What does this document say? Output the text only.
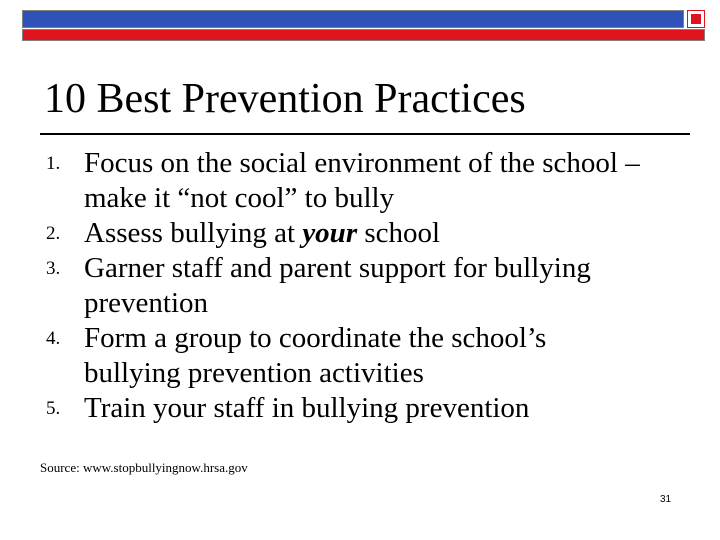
10 Best Prevention Practices
1. Focus on the social environment of the school – make it “not cool” to bully
2. Assess bullying at your school
3. Garner staff and parent support for bullying prevention
4. Form a group to coordinate the school’s bullying prevention activities
5. Train your staff in bullying prevention
Source: www.stopbullyingnow.hrsa.gov
31
